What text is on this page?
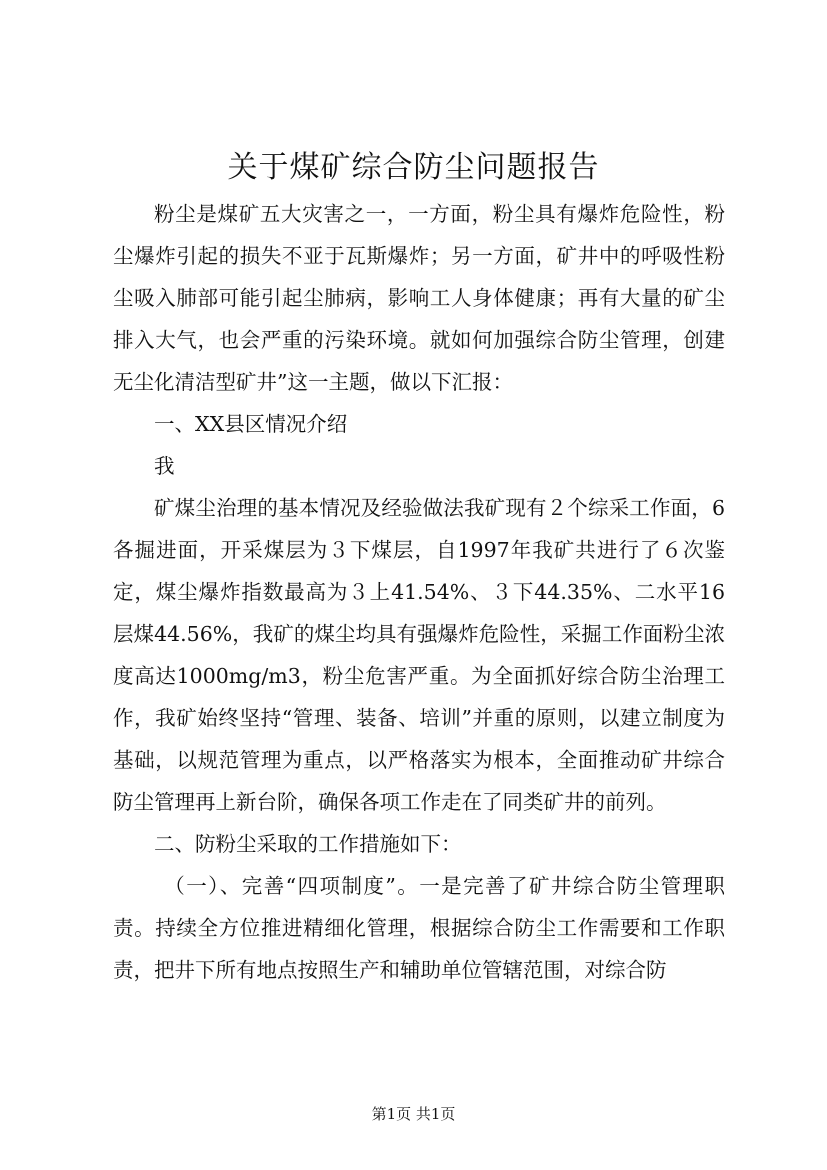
关于煤矿综合防尘问题报告

粉尘是煤矿五大灾害之一，一方面，粉尘具有爆炸危险性，粉尘爆炸引起的损失不亚于瓦斯爆炸；另一方面，矿井中的呼吸性粉尘吸入肺部可能引起尘肺病，影响工人身体健康；再有大量的矿尘排入大气，也会严重的污染环境。就如何加强综合防尘管理，创建无尘化清洁型矿井”这一主题，做以下汇报：

一、XX县区情况介绍

我

矿煤尘治理的基本情况及经验做法我矿现有２个综采工作面，6各掘进面，开采煤层为３下煤层，自1997年我矿共进行了６次鉴定，煤尘爆炸指数最高为３上41.54%、３下44.35%、二水平16层煤44.56%，我矿的煤尘均具有强爆炸危险性，采掘工作面粉尘浓度高达1000mg/m3，粉尘危害严重。为全面抓好综合防尘治理工作，我矿始终坚持“管理、装备、培训”并重的原则，以建立制度为基础，以规范管理为重点，以严格落实为根本，全面推动矿井综合防尘管理再上新台阶，确保各项工作走在了同类矿井的前列。

二、防粉尘采取的工作措施如下：

（一）、完善“四项制度”。一是完善了矿井综合防尘管理职责。持续全方位推进精细化管理，根据综合防尘工作需要和工作职责，把井下所有地点按照生产和辅助单位管辖范围，对综合防

第1页 共1页
